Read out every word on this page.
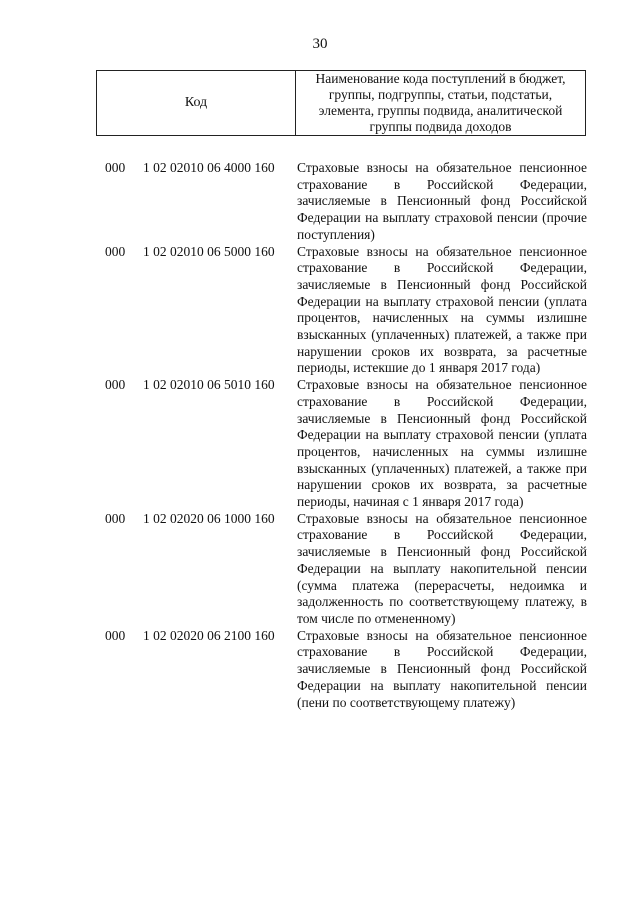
30
Код
Наименование кода поступлений в бюджет, группы, подгруппы, статьи, подстатьи, элемента, группы подвида, аналитической группы подвида доходов
000 1 02 02010 06 4000 160 Страховые взносы на обязательное пенсионное страхование в Российской Федерации, зачисляемые в Пенсионный фонд Российской Федерации на выплату страховой пенсии (прочие поступления)
000 1 02 02010 06 5000 160 Страховые взносы на обязательное пенсионное страхование в Российской Федерации, зачисляемые в Пенсионный фонд Российской Федерации на выплату страховой пенсии (уплата процентов, начисленных на суммы излишне взысканных (уплаченных) платежей, а также при нарушении сроков их возврата, за расчетные периоды, истекшие до 1 января 2017 года)
000 1 02 02010 06 5010 160 Страховые взносы на обязательное пенсионное страхование в Российской Федерации, зачисляемые в Пенсионный фонд Российской Федерации на выплату страховой пенсии (уплата процентов, начисленных на суммы излишне взысканных (уплаченных) платежей, а также при нарушении сроков их возврата, за расчетные периоды, начиная с 1 января 2017 года)
000 1 02 02020 06 1000 160 Страховые взносы на обязательное пенсионное страхование в Российской Федерации, зачисляемые в Пенсионный фонд Российской Федерации на выплату накопительной пенсии (сумма платежа (перерасчеты, недоимка и задолженность по соответствующему платежу, в том числе по отмененному)
000 1 02 02020 06 2100 160 Страховые взносы на обязательное пенсионное страхование в Российской Федерации, зачисляемые в Пенсионный фонд Российской Федерации на выплату накопительной пенсии (пени по соответствующему платежу)
